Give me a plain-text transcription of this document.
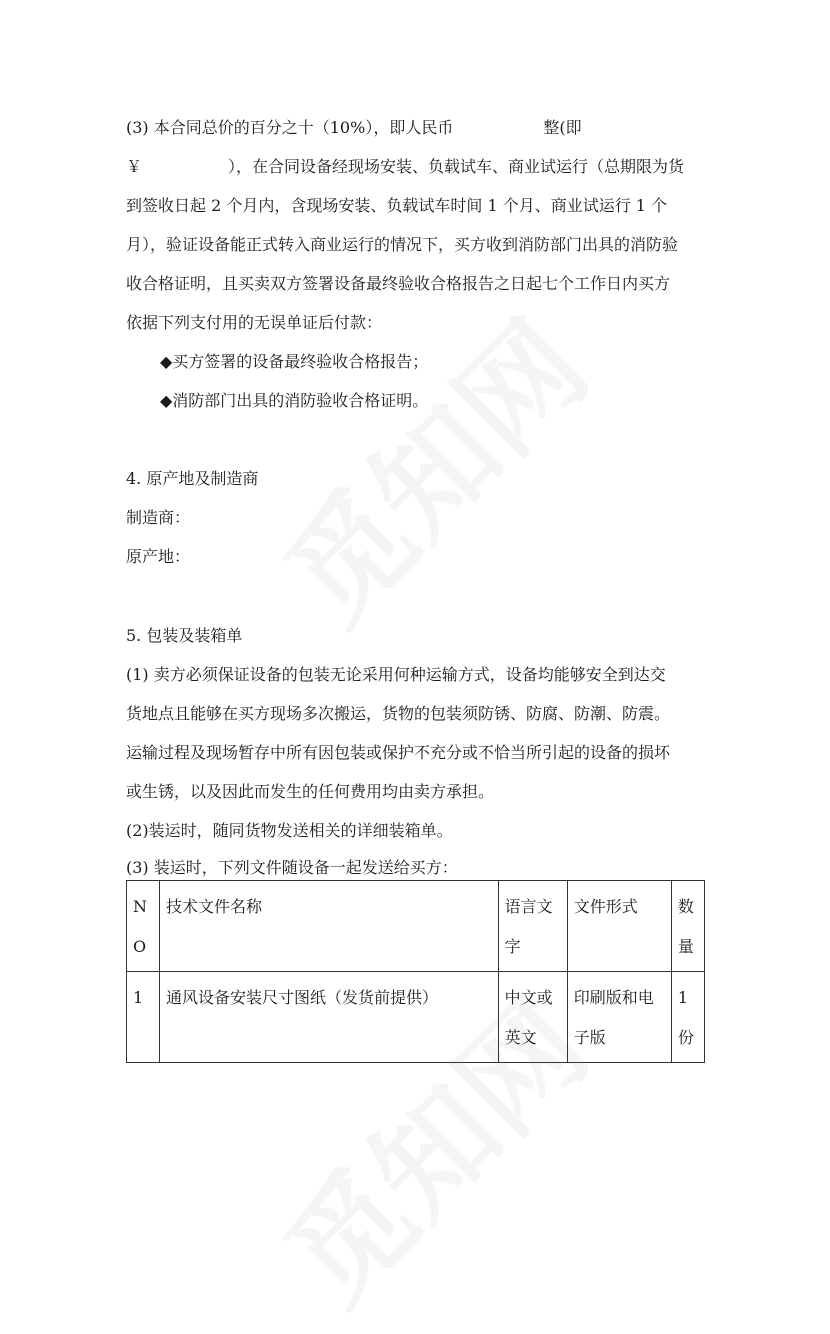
(3) 本合同总价的百分之十（10%），即人民币	整(即
￥	），在合同设备经现场安装、负载试车、商业试运行（总期限为货
到签收日起 2 个月内，含现场安装、负载试车时间 1 个月、商业试运行 1 个
月），验证设备能正式转入商业运行的情况下，买方收到消防部门出具的消防验
收合格证明，且买卖双方签署设备最终验收合格报告之日起七个工作日内买方
依据下列支付用的无误单证后付款：
◆买方签署的设备最终验收合格报告；
◆消防部门出具的消防验收合格证明。
4. 原产地及制造商
制造商：
原产地：
5. 包装及装箱单
(1) 卖方必须保证设备的包装无论采用何种运输方式，设备均能够安全到达交
货地点且能够在买方现场多次搬运，货物的包装须防锈、防腐、防潮、防震。
运输过程及现场暂存中所有因包装或保护不充分或不恰当所引起的设备的损坏
或生锈，以及因此而发生的任何费用均由卖方承担。
(2)装运时，随同货物发送相关的详细装箱单。
(3) 装运时，下列文件随设备一起发送给买方：
NO	技术文件名称	语言文字	文件形式	数量
1	通风设备安装尺寸图纸（发货前提供）	中文或英文	印刷版和电子版	1份
